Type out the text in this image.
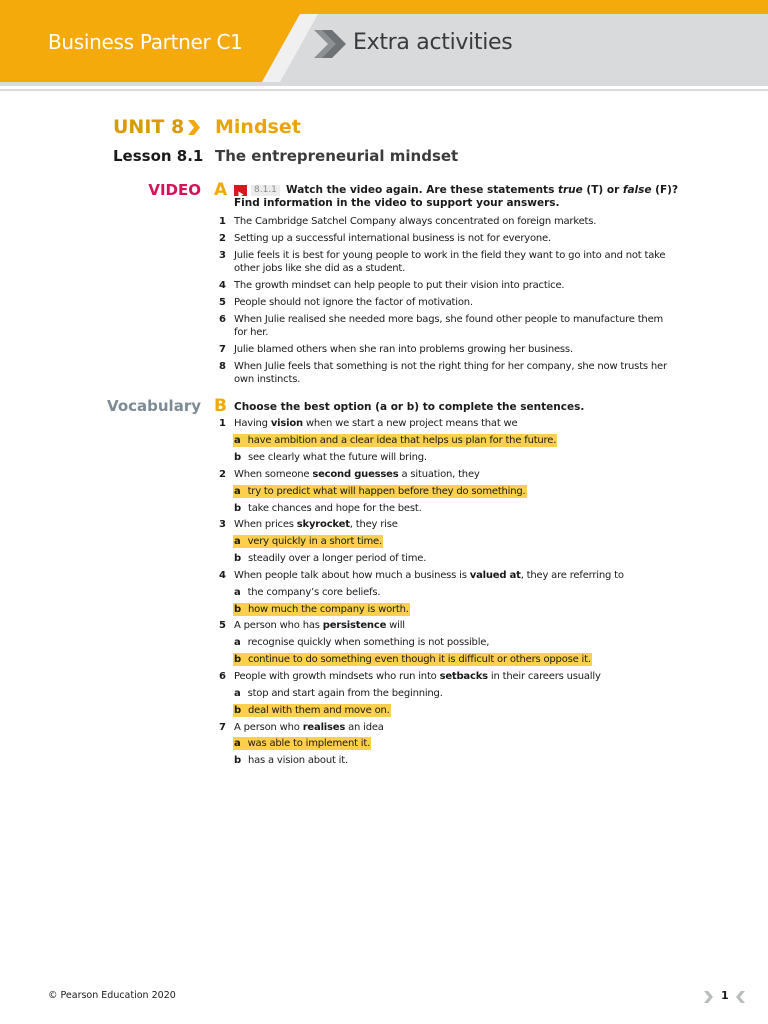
Business Partner C1	Extra activities
UNIT 8 Mindset
Lesson 8.1 The entrepreneurial mindset
VIDEO A	8.1.1 Watch the video again. Are these statements true (T) or false (F)? Find information in the video to support your answers.
1 The Cambridge Satchel Company always concentrated on foreign markets.
2 Setting up a successful international business is not for everyone.
3 Julie feels it is best for young people to work in the field they want to go into and not take other jobs like she did as a student.
4 The growth mindset can help people to put their vision into practice.
5 People should not ignore the factor of motivation.
6 When Julie realised she needed more bags, she found other people to manufacture them for her.
7 Julie blamed others when she ran into problems growing her business.
8 When Julie feels that something is not the right thing for her company, she now trusts her own instincts.
Vocabulary B Choose the best option (a or b) to complete the sentences.
1 Having vision when we start a new project means that we
a have ambition and a clear idea that helps us plan for the future.
b see clearly what the future will bring.
2 When someone second guesses a situation, they
a try to predict what will happen before they do something.
b take chances and hope for the best.
3 When prices skyrocket, they rise
a very quickly in a short time.
b steadily over a longer period of time.
4 When people talk about how much a business is valued at, they are referring to
a the company’s core beliefs.
b how much the company is worth.
5 A person who has persistence will
a recognise quickly when something is not possible,
b continue to do something even though it is difficult or others oppose it.
6 People with growth mindsets who run into setbacks in their careers usually
a stop and start again from the beginning.
b deal with them and move on.
7 A person who realises an idea
a was able to implement it.
b has a vision about it.
© Pearson Education 2020	1
